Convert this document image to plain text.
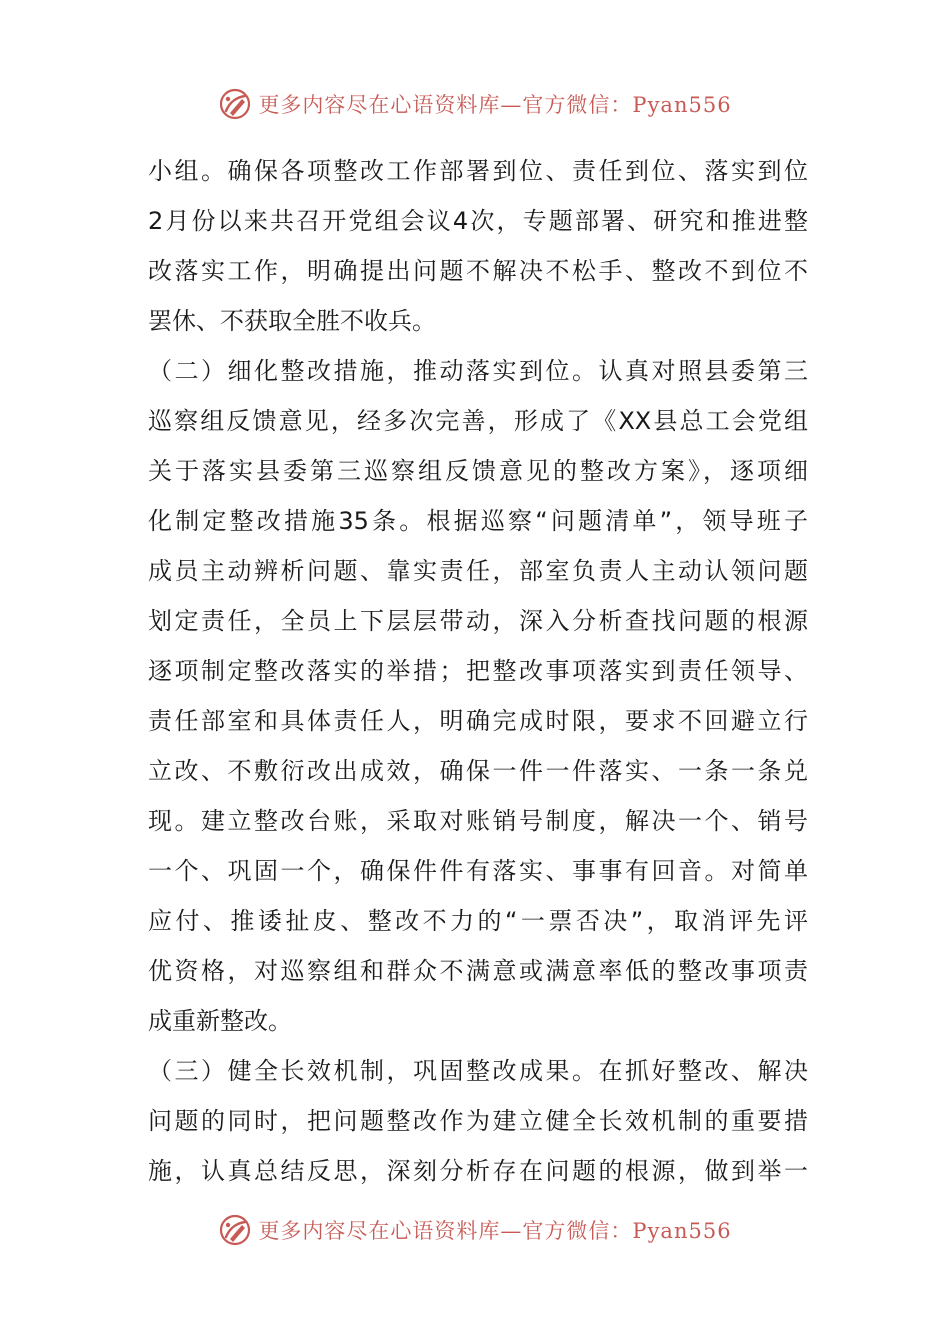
更多内容尽在心语资料库—官方微信：Pyan556
小组。确保各项整改工作部署到位、责任到位、落实到位
2月份以来共召开党组会议4次，专题部署、研究和推进整
改落实工作，明确提出问题不解决不松手、整改不到位不
罢休、不获取全胜不收兵。
（二）细化整改措施，推动落实到位。认真对照县委第三
巡察组反馈意见，经多次完善，形成了《XX县总工会党组
关于落实县委第三巡察组反馈意见的整改方案》，逐项细
化制定整改措施35条。根据巡察“问题清单”，领导班子
成员主动辨析问题、靠实责任，部室负责人主动认领问题
划定责任，全员上下层层带动，深入分析查找问题的根源
逐项制定整改落实的举措；把整改事项落实到责任领导、
责任部室和具体责任人，明确完成时限，要求不回避立行
立改、不敷衍改出成效，确保一件一件落实、一条一条兑
现。建立整改台账，采取对账销号制度，解决一个、销号
一个、巩固一个，确保件件有落实、事事有回音。对简单
应付、推诿扯皮、整改不力的“一票否决”，取消评先评
优资格，对巡察组和群众不满意或满意率低的整改事项责
成重新整改。
（三）健全长效机制，巩固整改成果。在抓好整改、解决
问题的同时，把问题整改作为建立健全长效机制的重要措
施，认真总结反思，深刻分析存在问题的根源，做到举一
更多内容尽在心语资料库—官方微信：Pyan556
